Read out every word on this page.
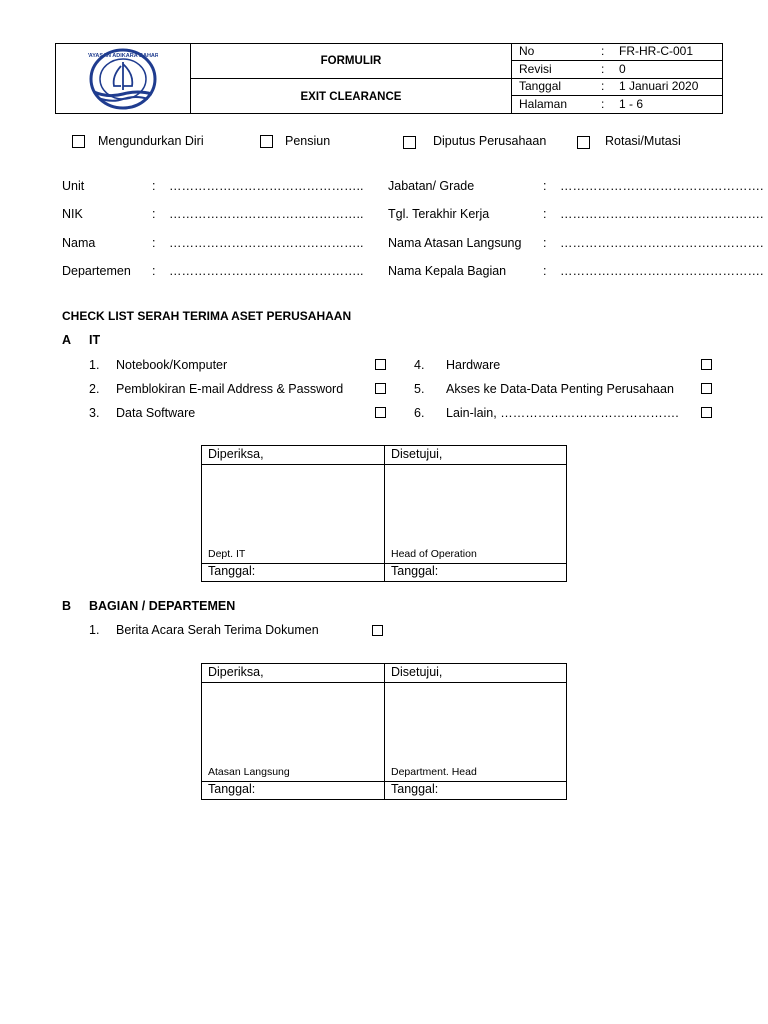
YAYASAN ADIKARA BAHARI	FORMULIR
EXIT CLEARANCE
No	: FR-HR-C-001
Revisi	: 0
Tanggal	: 1 Januari 2020
Halaman	: 1 - 6
Mengundurkan Diri	Pensiun	Diputus Perusahaan	Rotasi/Mutasi
Unit	: ………………………………………..
NIK	: ………………………………………..
Nama	: ………………………………………..
Departemen : ………………………………………..
Jabatan/ Grade	: ………………………………………….
Tgl. Terakhir Kerja	: ………………………………………….
Nama Atasan Langsung : ………………………………………….
Nama Kepala Bagian	: ………………………………………….
CHECK LIST SERAH TERIMA ASET PERUSAHAAN
A IT
1. Notebook/Komputer
2. Pemblokiran E-mail Address & Password
3. Data Software
4. Hardware
5. Akses ke Data-Data Penting Perusahaan
6. Lain-lain, …………………………………….
Diperiksa,	Disetujui,
Dept. IT	Head of Operation
Tanggal:	Tanggal:
B BAGIAN / DEPARTEMEN
1. Berita Acara Serah Terima Dokumen
Diperiksa,	Disetujui,
Atasan Langsung	Department. Head
Tanggal:	Tanggal:
